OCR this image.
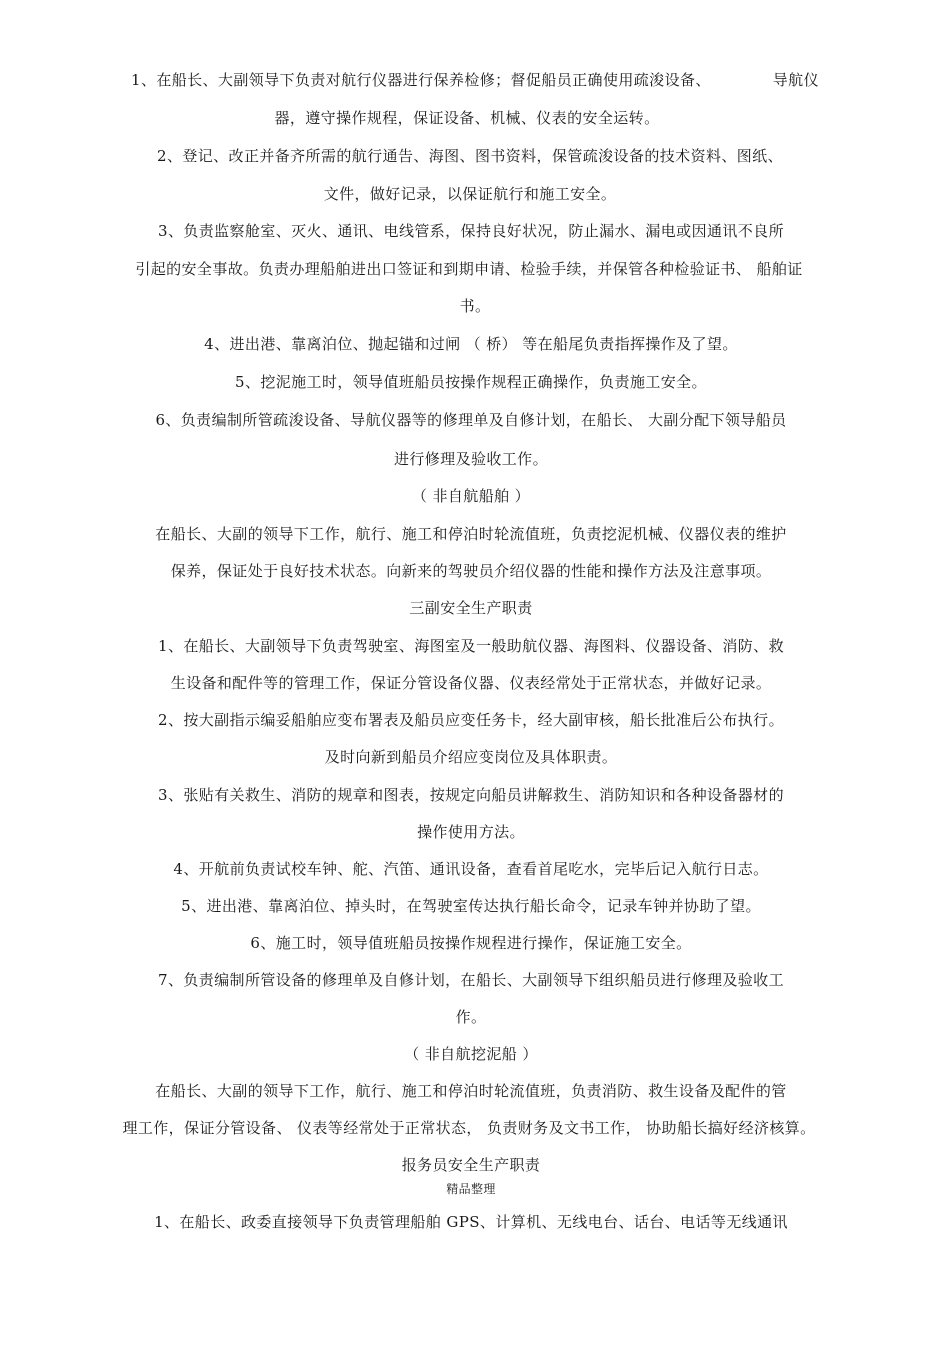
1、在船长、大副领导下负责对航行仪器进行保养检修；督促船员正确使用疏浚设备、	导航仪
器，遵守操作规程，保证设备、机械、仪表的安全运转。
2、登记、改正并备齐所需的航行通告、海图、图书资料，保管疏浚设备的技术资料、图纸、
文件，做好记录，以保证航行和施工安全。
3、负责监察舱室、灭火、通讯、电线管系，保持良好状况，防止漏水、漏电或因通讯不良所
引起的安全事故。负责办理船舶进出口签证和到期申请、检验手续，并保管各种检验证书、 船舶证
书。
4、进出港、靠离泊位、抛起锚和过闸 （ 桥） 等在船尾负责指挥操作及了望。
5、挖泥施工时，领导值班船员按操作规程正确操作，负责施工安全。
6、负责编制所管疏浚设备、导航仪器等的修理单及自修计划，在船长、 大副分配下领导船员
进行修理及验收工作。
（ 非自航船舶 ）
在船长、大副的领导下工作，航行、施工和停泊时轮流值班，负责挖泥机械、仪器仪表的维护
保养，保证处于良好技术状态。向新来的驾驶员介绍仪器的性能和操作方法及注意事项。
三副安全生产职责
1、在船长、大副领导下负责驾驶室、海图室及一般助航仪器、海图料、仪器设备、消防、救
生设备和配件等的管理工作，保证分管设备仪器、仪表经常处于正常状态，并做好记录。
2、按大副指示编妥船舶应变布署表及船员应变任务卡，经大副审核，船长批准后公布执行。
及时向新到船员介绍应变岗位及具体职责。
3、张贴有关救生、消防的规章和图表，按规定向船员讲解救生、消防知识和各种设备器材的
操作使用方法。
4、开航前负责试校车钟、舵、汽笛、通讯设备，查看首尾吃水，完毕后记入航行日志。
5、进出港、靠离泊位、掉头时，在驾驶室传达执行船长命令，记录车钟并协助了望。
6、施工时，领导值班船员按操作规程进行操作，保证施工安全。
7、负责编制所管设备的修理单及自修计划，在船长、大副领导下组织船员进行修理及验收工
作。
（ 非自航挖泥船 ）
在船长、大副的领导下工作，航行、施工和停泊时轮流值班，负责消防、救生设备及配件的管
理工作，保证分管设备、 仪表等经常处于正常状态， 负责财务及文书工作， 协助船长搞好经济核算。
报务员安全生产职责
精品整理
1、在船长、政委直接领导下负责管理船舶 GPS、计算机、无线电台、话台、电话等无线通讯
